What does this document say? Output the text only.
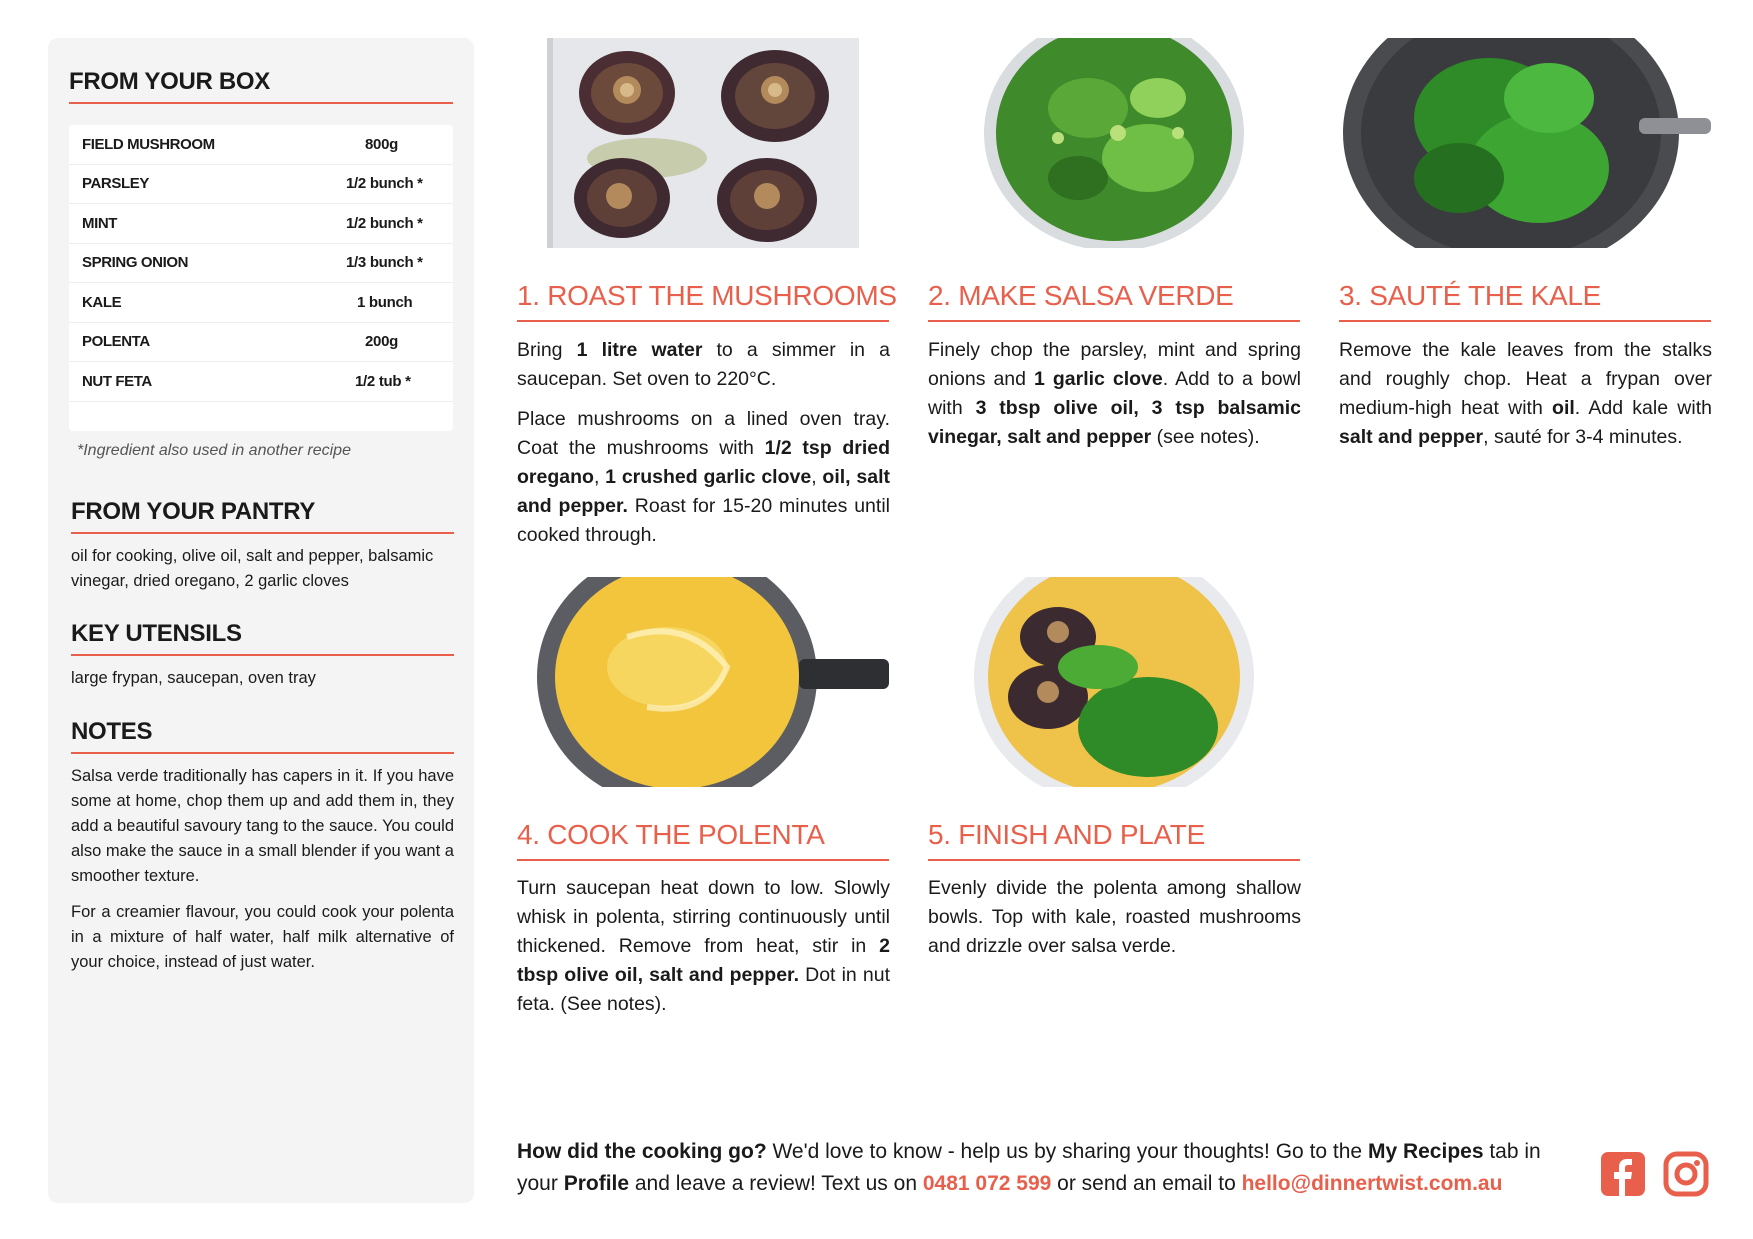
FROM YOUR BOX
FIELD MUSHROOM	800g
PARSLEY	1/2 bunch *
MINT	1/2 bunch *
SPRING ONION	1/3 bunch *
KALE	1 bunch
POLENTA	200g
NUT FETA	1/2 tub *
*Ingredient also used in another recipe
FROM YOUR PANTRY
oil for cooking, olive oil, salt and pepper, balsamic vinegar, dried oregano, 2 garlic cloves
KEY UTENSILS
large frypan, saucepan, oven tray
NOTES

Salsa verde traditionally has capers in it. If you have some at home, chop them up and add them in, they add a beautiful savoury tang to the sauce. You could also make the sauce in a small blender if you want a smoother texture.

For a creamier flavour, you could cook your polenta in a mixture of half water, half milk alternative of your choice, instead of just water.

1. ROAST THE MUSHROOMS 2. MAKE SALSA VERDE	3. SAUTÉ THE KALE
4. COOK THE POLENTA	5. FINISH AND PLATE

Bring 1 litre water to a simmer in a saucepan. Set oven to 220°C.

Place mushrooms on a lined oven tray. Coat the mushrooms with 1/2 tsp dried oregano, 1 crushed garlic clove, oil, salt and pepper. Roast for 15-20 minutes until cooked through.

Finely chop the parsley, mint and spring onions and 1 garlic clove. Add to a bowl with 3 tbsp olive oil, 3 tsp balsamic vinegar, salt and pepper (see notes).

Remove the kale leaves from the stalks and roughly chop. Heat a frypan over medium-high heat with oil. Add kale with salt and pepper, sauté for 3-4 minutes.

Turn saucepan heat down to low. Slowly whisk in polenta, stirring continuously until thickened. Remove from heat, stir in 2 tbsp olive oil, salt and pepper. Dot in nut feta. (See notes).

Evenly divide the polenta among shallow bowls. Top with kale, roasted mushrooms and drizzle over salsa verde.

How did the cooking go? We'd love to know - help us by sharing your thoughts! Go to the My Recipes tab in your Profile and leave a review! Text us on 0481 072 599 or send an email to hello@dinnertwist.com.au
